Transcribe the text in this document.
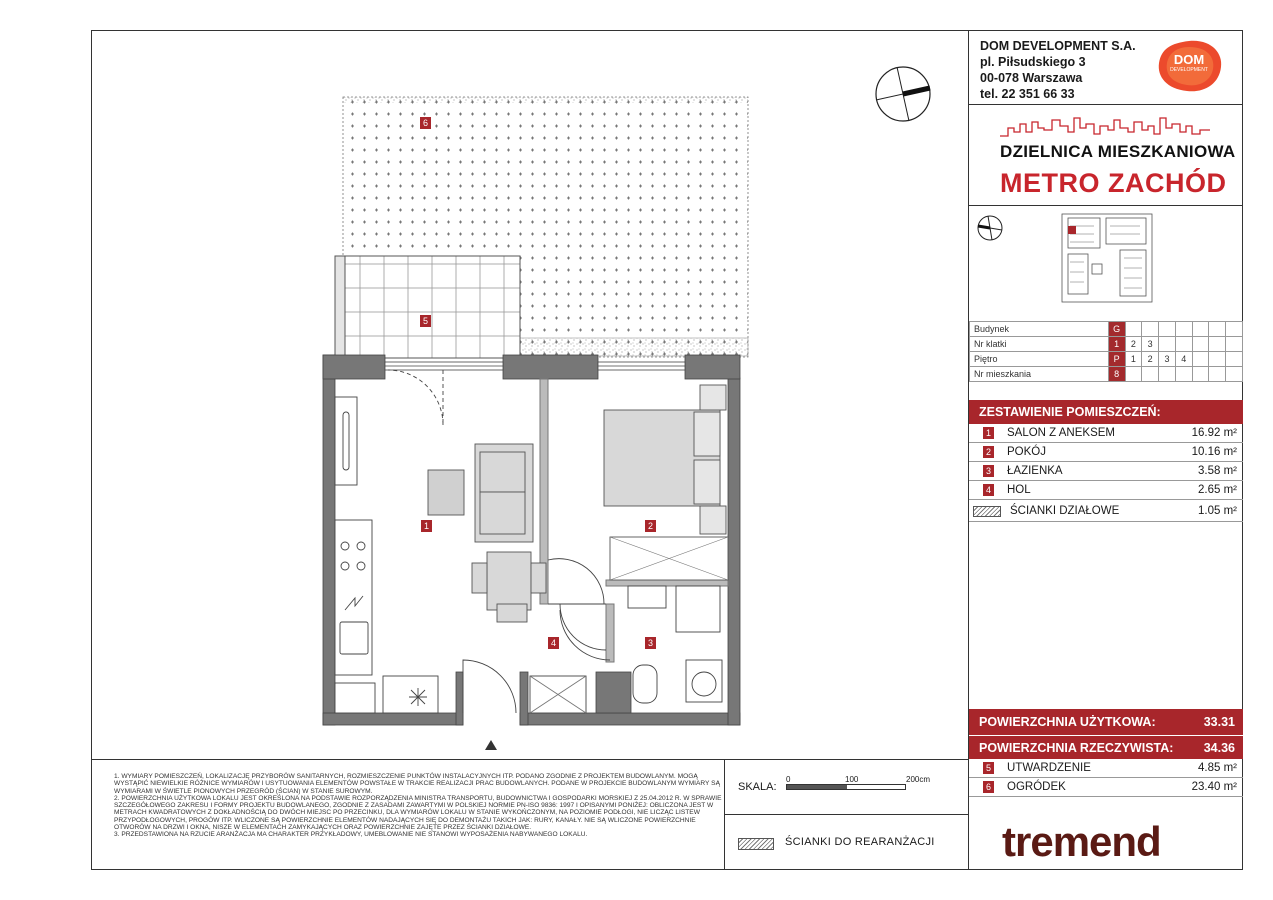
6
5
1	2
3
4
DOM DEVELOPMENT S.A.
pl. Piłsudskiego 3
00-078 Warszawa
tel. 22 351 66 33
DOM
DEVELOPMENT
DZIELNICA MIESZKANIOWA
METRO ZACHÓD
Budynek	G							
Nr klatki	1	2	3					
Piętro	P	1	2	3	4			
Nr mieszkania	8							
ZESTAWIENIE POMIESZCZEŃ:
1 SALON Z ANEKSEM	16.92 m²
2 POKÓJ	10.16 m²
3 ŁAZIENKA	3.58 m²
4 HOL	2.65 m²
ŚCIANKI DZIAŁOWE	1.05 m²
POWIERZCHNIA UŻYTKOWA:	33.31
POWIERZCHNIA RZECZYWISTA: 34.36
5 UTWARDZENIE	4.85 m²
6 OGRÓDEK	23.40 m²
tremend

1. WYMIARY POMIESZCZEŃ, LOKALIZACJĘ PRZYBORÓW SANITARNYCH, ROZMIESZCZENIE PUNKTÓW INSTALACYJNYCH ITP. PODANO ZGODNIE Z PROJEKTEM BUDOWLANYM. MOGĄ WYSTĄPIĆ NIEWIELKIE RÓŻNICE WYMIARÓW I USYTUOWANIA ELEMENTÓW POWSTAŁE W TRAKCIE REALIZACJI PRAC BUDOWLANYCH. PODANE W PROJEKCIE BUDOWLANYM WYMIARY SĄ WYMIARAMI W ŚWIETLE PIONOWYCH PRZEGRÓD (ŚCIAN) W STANIE SUROWYM.

2. POWIERZCHNIA UŻYTKOWA LOKALU JEST OKREŚLONA NA PODSTAWIE ROZPORZĄDZENIA MINISTRA TRANSPORTU, BUDOWNICTWA I GOSPODARKI MORSKIEJ Z 25.04.2012 R. W SPRAWIE SZCZEGÓŁOWEGO ZAKRESU I FORMY PROJEKTU BUDOWLANEGO, ZGODNIE Z ZASADAMI ZAWARTYMI W POLSKIEJ NORMIE PN-ISO 9836: 1997 I OPISANYMI PONIŻEJ: OBLICZONA JEST W METRACH KWADRATOWYCH Z DOKŁADNOŚCIĄ DO DWÓCH MIEJSC PO PRZECINKU, DLA WYMIARÓW LOKALU W STANIE WYKOŃCZONYM, NA POZIOMIE PODŁOGI, NIE LICZĄC LISTEW PRZYPODŁOGOWYCH, PROGÓW ITP. WLICZONE SĄ POWIERZCHNIE ELEMENTÓW NADAJĄCYCH SIĘ DO DEMONTAŻU TAKICH JAK: RURY, KANAŁY. NIE SĄ WLICZONE POWIERZCHNIE OTWORÓW NA DRZWI I OKNA, NISZE W ELEMENTACH ZAMYKAJĄCYCH ORAZ POWIERZCHNIE ZAJĘTE PRZEZ ŚCIANKI DZIAŁOWE.

3. PRZEDSTAWIONA NA RZUCIE ARANŻACJA MA CHARAKTER PRZYKŁADOWY, UMEBLOWANIE NIE STANOWI WYPOSAŻENIA NABYWANEGO LOKALU.

SKALA:
0	100	200cm
ŚCIANKI DO REARANŻACJI
